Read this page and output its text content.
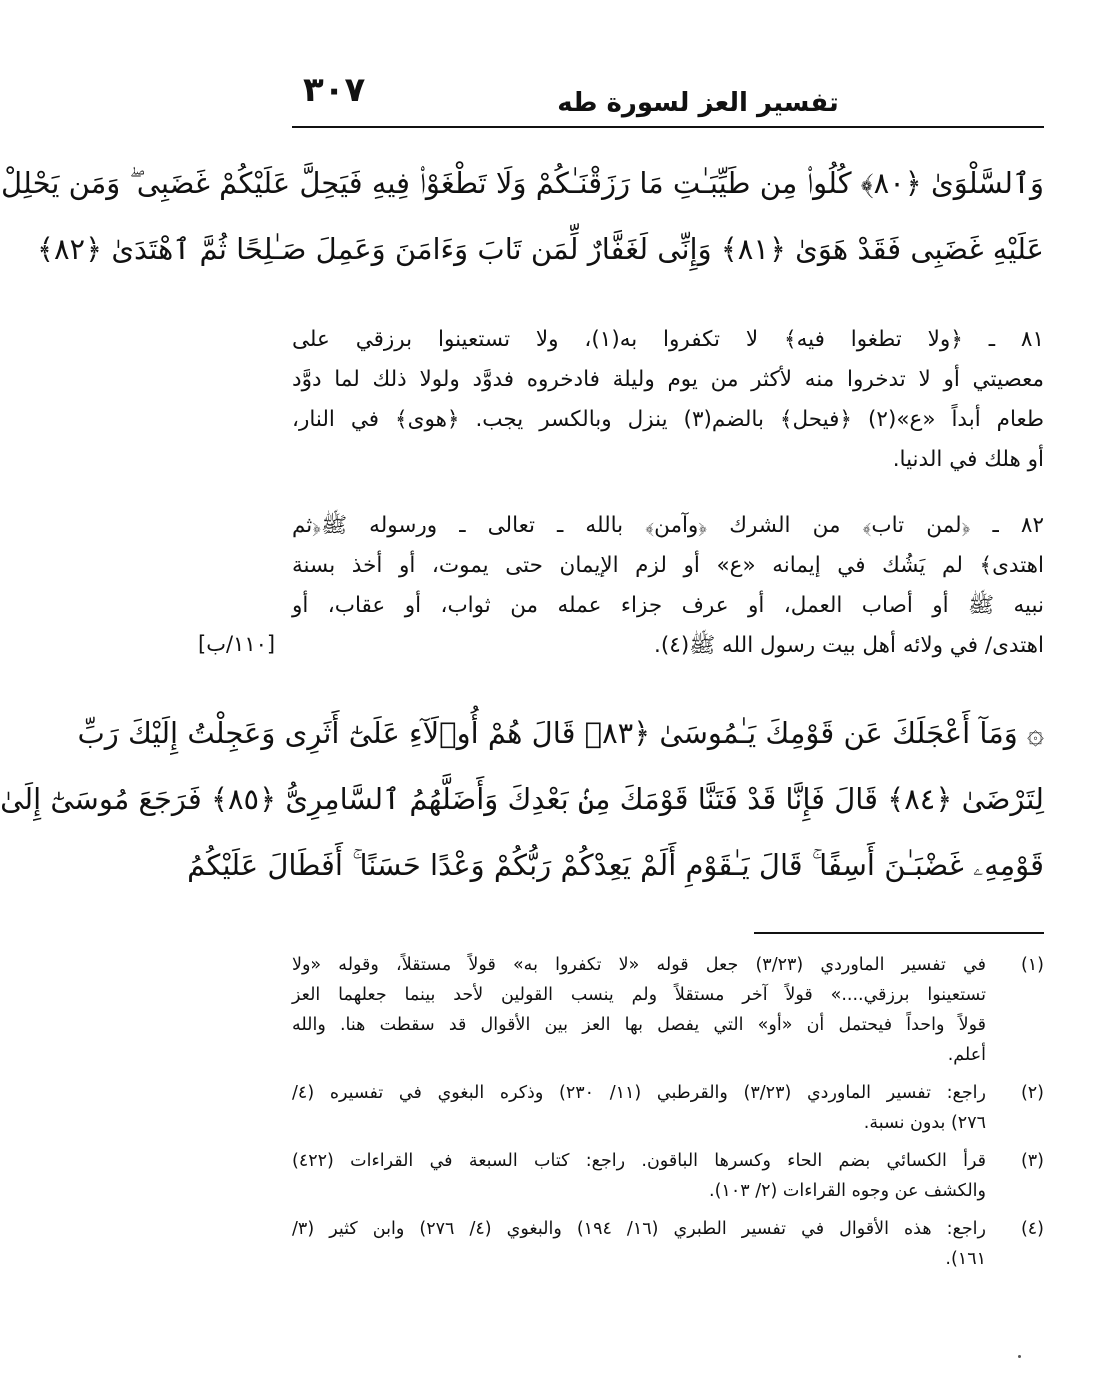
٣٠٧	تفسير العز لسورة طه
وَٱلسَّلْوَىٰ ﴿٨٠﴾ كُلُوا۟ مِن طَيِّبَـٰتِ مَا رَزَقْنَـٰكُمْ وَلَا تَطْغَوْا۟ فِيهِ فَيَحِلَّ عَلَيْكُمْ غَضَبِى ۖ وَمَن يَحْلِلْ
عَلَيْهِ غَضَبِى فَقَدْ هَوَىٰ ﴿٨١﴾ وَإِنِّى لَغَفَّارٌ لِّمَن تَابَ وَءَامَنَ وَعَمِلَ صَـٰلِحًا ثُمَّ ٱهْتَدَىٰ ﴿٨٢﴾
٨١ ـ ﴿ولا تطغوا فيه﴾ لا تكفروا به(١)، ولا تستعينوا برزقي على
معصيتي أو لا تدخروا منه لأكثر من يوم وليلة فادخروه فدوَّد ولولا ذلك لما دوَّد
طعام أبداً «ع»(٢) ﴿فيحل﴾ بالضم(٣) ينزل وبالكسر يجب. ﴿هوى﴾ في النار،
أو هلك في الدنيا.
٨٢ ـ ﴿لمن تاب﴾ من الشرك ﴿وآمن﴾ بالله ـ تعالى ـ ورسوله ﷺ﴿ثم
اهتدى﴾ لم يَشُك في إيمانه «ع» أو لزم الإيمان حتى يموت، أو أخذ بسنة
نبيه ﷺ أو أصاب العمل، أو عرف جزاء عمله من ثواب، أو عقاب، أو
اهتدى/ في ولائه أهل بيت رسول الله ﷺ(٤).
[١١٠/ب]
۞ وَمَآ أَعْجَلَكَ عَن قَوْمِكَ يَـٰمُوسَىٰ ﴿٨٣﴾ قَالَ هُمْ أُو۟لَآءِ عَلَىٰٓ أَثَرِى وَعَجِلْتُ إِلَيْكَ رَبِّ
لِتَرْضَىٰ ﴿٨٤﴾ قَالَ فَإِنَّا قَدْ فَتَنَّا قَوْمَكَ مِنۢ بَعْدِكَ وَأَضَلَّهُمُ ٱلسَّامِرِىُّ ﴿٨٥﴾ فَرَجَعَ مُوسَىٰٓ إِلَىٰ
قَوْمِهِۦ غَضْبَـٰنَ أَسِفًا ۚ قَالَ يَـٰقَوْمِ أَلَمْ يَعِدْكُمْ رَبُّكُمْ وَعْدًا حَسَنًا ۚ أَفَطَالَ عَلَيْكُمُ
(١)
في تفسير الماوردي (٣/٢٣) جعل قوله «لا تكفروا به» قولاً مستقلاً، وقوله «ولا
تستعينوا برزقي....» قولاً آخر مستقلاً ولم ينسب القولين لأحد بينما جعلهما العز
قولاً واحداً فيحتمل أن «أو» التي يفصل بها العز بين الأقوال قد سقطت هنا. والله
أعلم.
(٢)
راجع: تفسير الماوردي (٣/٢٣) والقرطبي (١١/ ٢٣٠) وذكره البغوي في تفسيره (٤/
٢٧٦) بدون نسبة.
(٣)
قرأ الكسائي بضم الحاء وكسرها الباقون. راجع: كتاب السبعة في القراءات (٤٢٢)
والكشف عن وجوه القراءات (٢/ ١٠٣).
(٤)
راجع: هذه الأقوال في تفسير الطبري (١٦/ ١٩٤) والبغوي (٤/ ٢٧٦) وابن كثير (٣/
١٦١).
